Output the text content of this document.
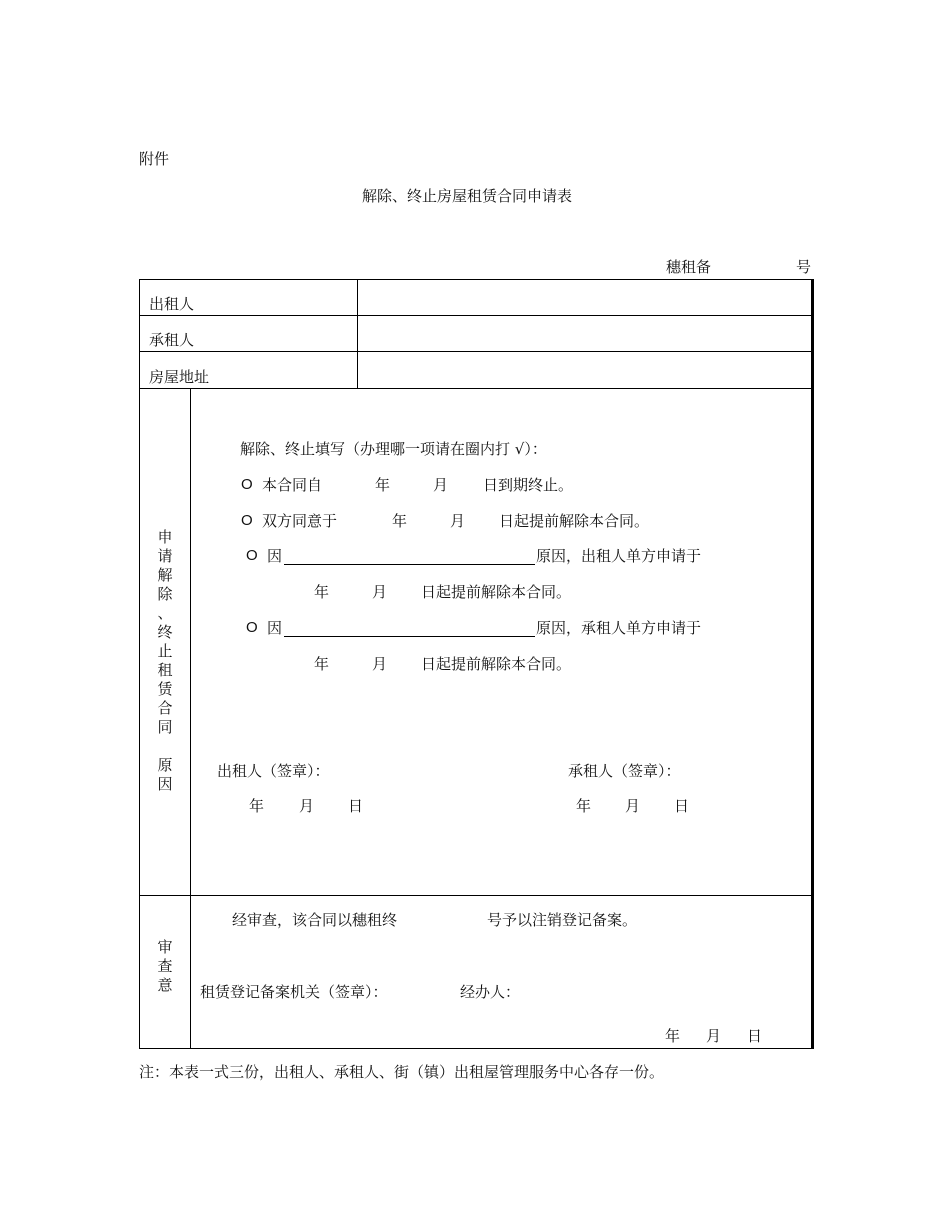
附件
解除、终止房屋租赁合同申请表
穗租备	号
出租人
承租人
房屋地址
申
请
解
除
、
终
止
租
赁
合
同
原
因
解除、终止填写（办理哪一项请在圈内打 √）：
O 本合同自	年	月 日到期终止。
O 双方同意于	年	月 日起提前解除本合同。
O 因	原因，出租人单方申请于
年	月 日起提前解除本合同。
O 因	原因，承租人单方申请于
年	月 日起提前解除本合同。
出租人（签章）：	承租人（签章）：
年 月 日	年 月 日
审
查
意
经审查，该合同以穗租终	号予以注销登记备案。
租赁登记备案机关（签章）：	经办人：
年 月 日
注：本表一式三份，出租人、承租人、街（镇）出租屋管理服务中心各存一份。
